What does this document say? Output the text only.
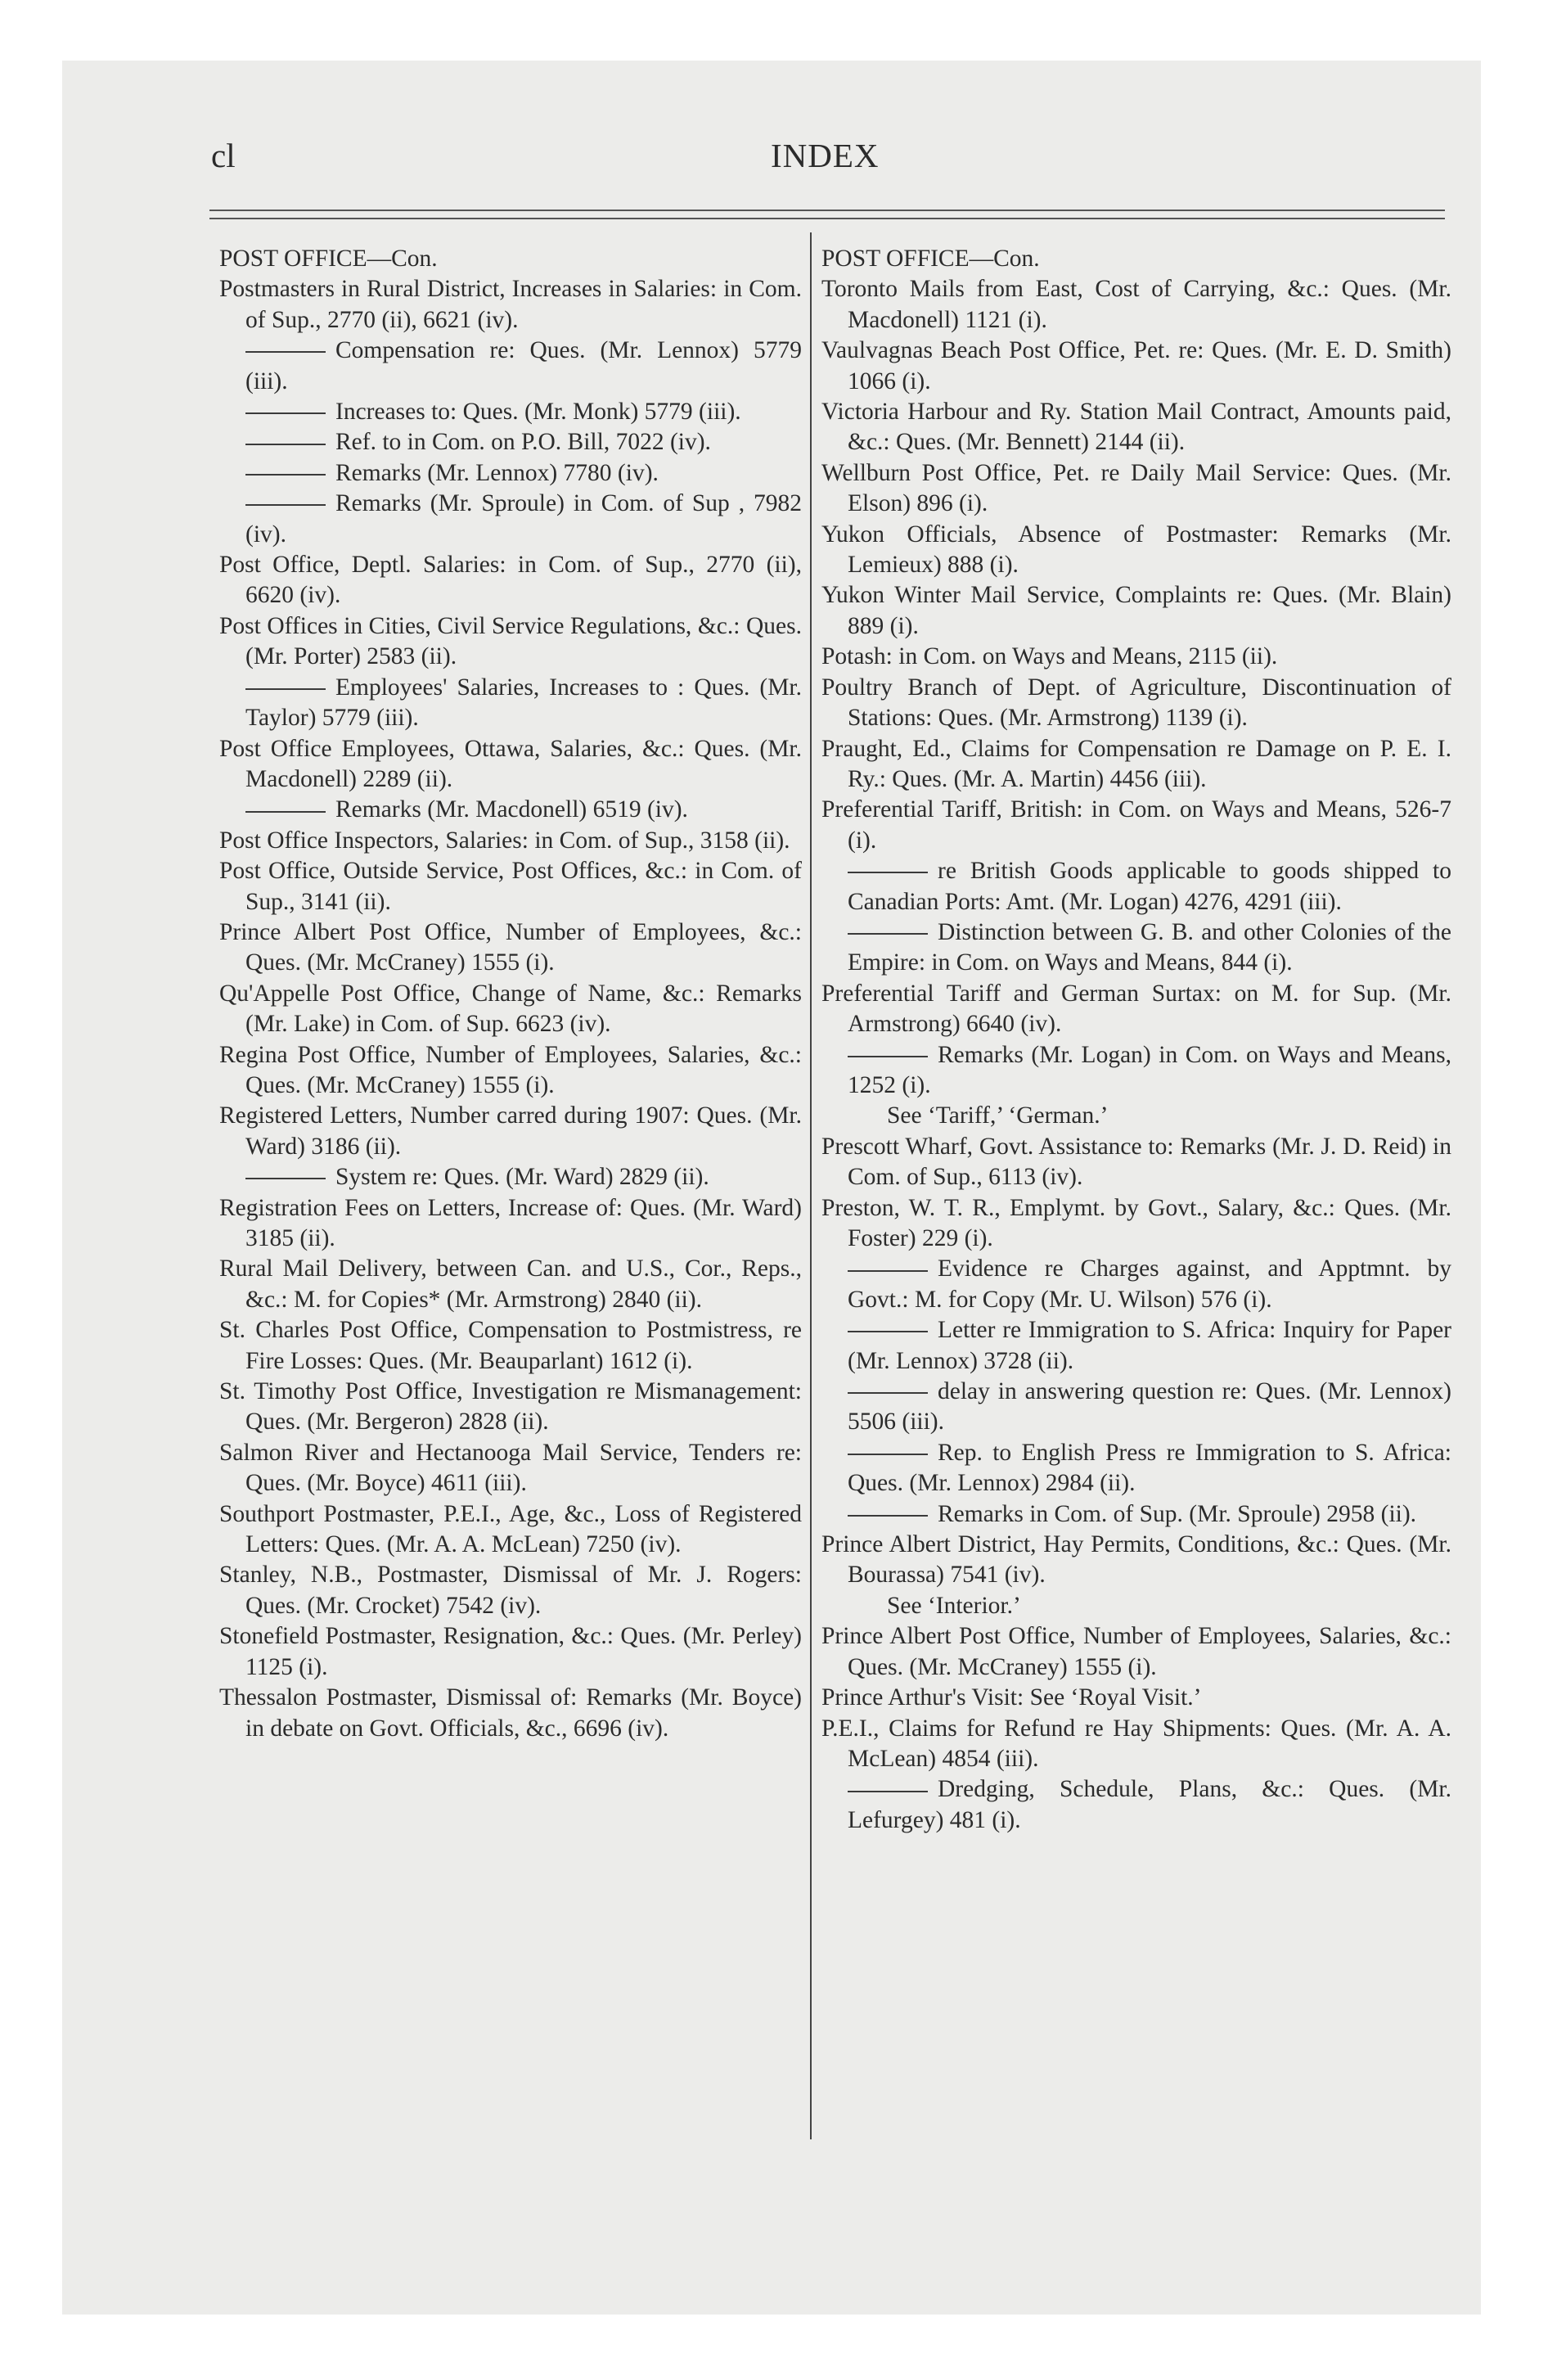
cl	INDEX
POST OFFICE—Con.
Postmasters in Rural District, Increases in Salaries: in Com. of Sup., 2770 (ii), 6621 (iv).
Compensation re: Ques. (Mr. Lennox) 5779 (iii).
Increases to: Ques. (Mr. Monk) 5779 (iii).
Ref. to in Com. on P.O. Bill, 7022 (iv).
Remarks (Mr. Lennox) 7780 (iv).
Remarks (Mr. Sproule) in Com. of Sup , 7982 (iv).
Post Office, Deptl. Salaries: in Com. of Sup., 2770 (ii), 6620 (iv).
Post Offices in Cities, Civil Service Regulations, &c.: Ques. (Mr. Porter) 2583 (ii).
Employees' Salaries, Increases to : Ques. (Mr. Taylor) 5779 (iii).
Post Office Employees, Ottawa, Salaries, &c.: Ques. (Mr. Macdonell) 2289 (ii).
Remarks (Mr. Macdonell) 6519 (iv).
Post Office Inspectors, Salaries: in Com. of Sup., 3158 (ii).
Post Office, Outside Service, Post Offices, &c.: in Com. of Sup., 3141 (ii).
Prince Albert Post Office, Number of Employees, &c.: Ques. (Mr. McCraney) 1555 (i).
Qu'Appelle Post Office, Change of Name, &c.: Remarks (Mr. Lake) in Com. of Sup. 6623 (iv).
Regina Post Office, Number of Employees, Salaries, &c.: Ques. (Mr. McCraney) 1555 (i).
Registered Letters, Number carred during 1907: Ques. (Mr. Ward) 3186 (ii).
System re: Ques. (Mr. Ward) 2829 (ii).
Registration Fees on Letters, Increase of: Ques. (Mr. Ward) 3185 (ii).
Rural Mail Delivery, between Can. and U.S., Cor., Reps., &c.: M. for Copies* (Mr. Armstrong) 2840 (ii).
St. Charles Post Office, Compensation to Postmistress, re Fire Losses: Ques. (Mr. Beauparlant) 1612 (i).
St. Timothy Post Office, Investigation re Mismanagement: Ques. (Mr. Bergeron) 2828 (ii).
Salmon River and Hectanooga Mail Service, Tenders re: Ques. (Mr. Boyce) 4611 (iii).
Southport Postmaster, P.E.I., Age, &c., Loss of Registered Letters: Ques. (Mr. A. A. McLean) 7250 (iv).
Stanley, N.B., Postmaster, Dismissal of Mr. J. Rogers: Ques. (Mr. Crocket) 7542 (iv).
Stonefield Postmaster, Resignation, &c.: Ques. (Mr. Perley) 1125 (i).
Thessalon Postmaster, Dismissal of: Remarks (Mr. Boyce) in debate on Govt. Officials, &c., 6696 (iv).
POST OFFICE—Con.
Toronto Mails from East, Cost of Carrying, &c.: Ques. (Mr. Macdonell) 1121 (i).
Vaulvagnas Beach Post Office, Pet. re: Ques. (Mr. E. D. Smith) 1066 (i).
Victoria Harbour and Ry. Station Mail Contract, Amounts paid, &c.: Ques. (Mr. Bennett) 2144 (ii).
Wellburn Post Office, Pet. re Daily Mail Service: Ques. (Mr. Elson) 896 (i).
Yukon Officials, Absence of Postmaster: Remarks (Mr. Lemieux) 888 (i).
Yukon Winter Mail Service, Complaints re: Ques. (Mr. Blain) 889 (i).
Potash: in Com. on Ways and Means, 2115 (ii).
Poultry Branch of Dept. of Agriculture, Discontinuation of Stations: Ques. (Mr. Armstrong) 1139 (i).
Praught, Ed., Claims for Compensation re Damage on P. E. I. Ry.: Ques. (Mr. A. Martin) 4456 (iii).
Preferential Tariff, British: in Com. on Ways and Means, 526-7 (i).
re British Goods applicable to goods shipped to Canadian Ports: Amt. (Mr. Logan) 4276, 4291 (iii).
Distinction between G. B. and other Colonies of the Empire: in Com. on Ways and Means, 844 (i).
Preferential Tariff and German Surtax: on M. for Sup. (Mr. Armstrong) 6640 (iv).
Remarks (Mr. Logan) in Com. on Ways and Means, 1252 (i).
See ‘Tariff,’ ‘German.’
Prescott Wharf, Govt. Assistance to: Remarks (Mr. J. D. Reid) in Com. of Sup., 6113 (iv).
Preston, W. T. R., Emplymt. by Govt., Salary, &c.: Ques. (Mr. Foster) 229 (i).
Evidence re Charges against, and Apptmnt. by Govt.: M. for Copy (Mr. U. Wilson) 576 (i).
Letter re Immigration to S. Africa: Inquiry for Paper (Mr. Lennox) 3728 (ii).
delay in answering question re: Ques. (Mr. Lennox) 5506 (iii).
Rep. to English Press re Immigration to S. Africa: Ques. (Mr. Lennox) 2984 (ii).
Remarks in Com. of Sup. (Mr. Sproule) 2958 (ii).
Prince Albert District, Hay Permits, Conditions, &c.: Ques. (Mr. Bourassa) 7541 (iv).
See ‘Interior.’
Prince Albert Post Office, Number of Employees, Salaries, &c.: Ques. (Mr. McCraney) 1555 (i).
Prince Arthur's Visit: See ‘Royal Visit.’
P.E.I., Claims for Refund re Hay Shipments: Ques. (Mr. A. A. McLean) 4854 (iii).
Dredging, Schedule, Plans, &c.: Ques. (Mr. Lefurgey) 481 (i).
